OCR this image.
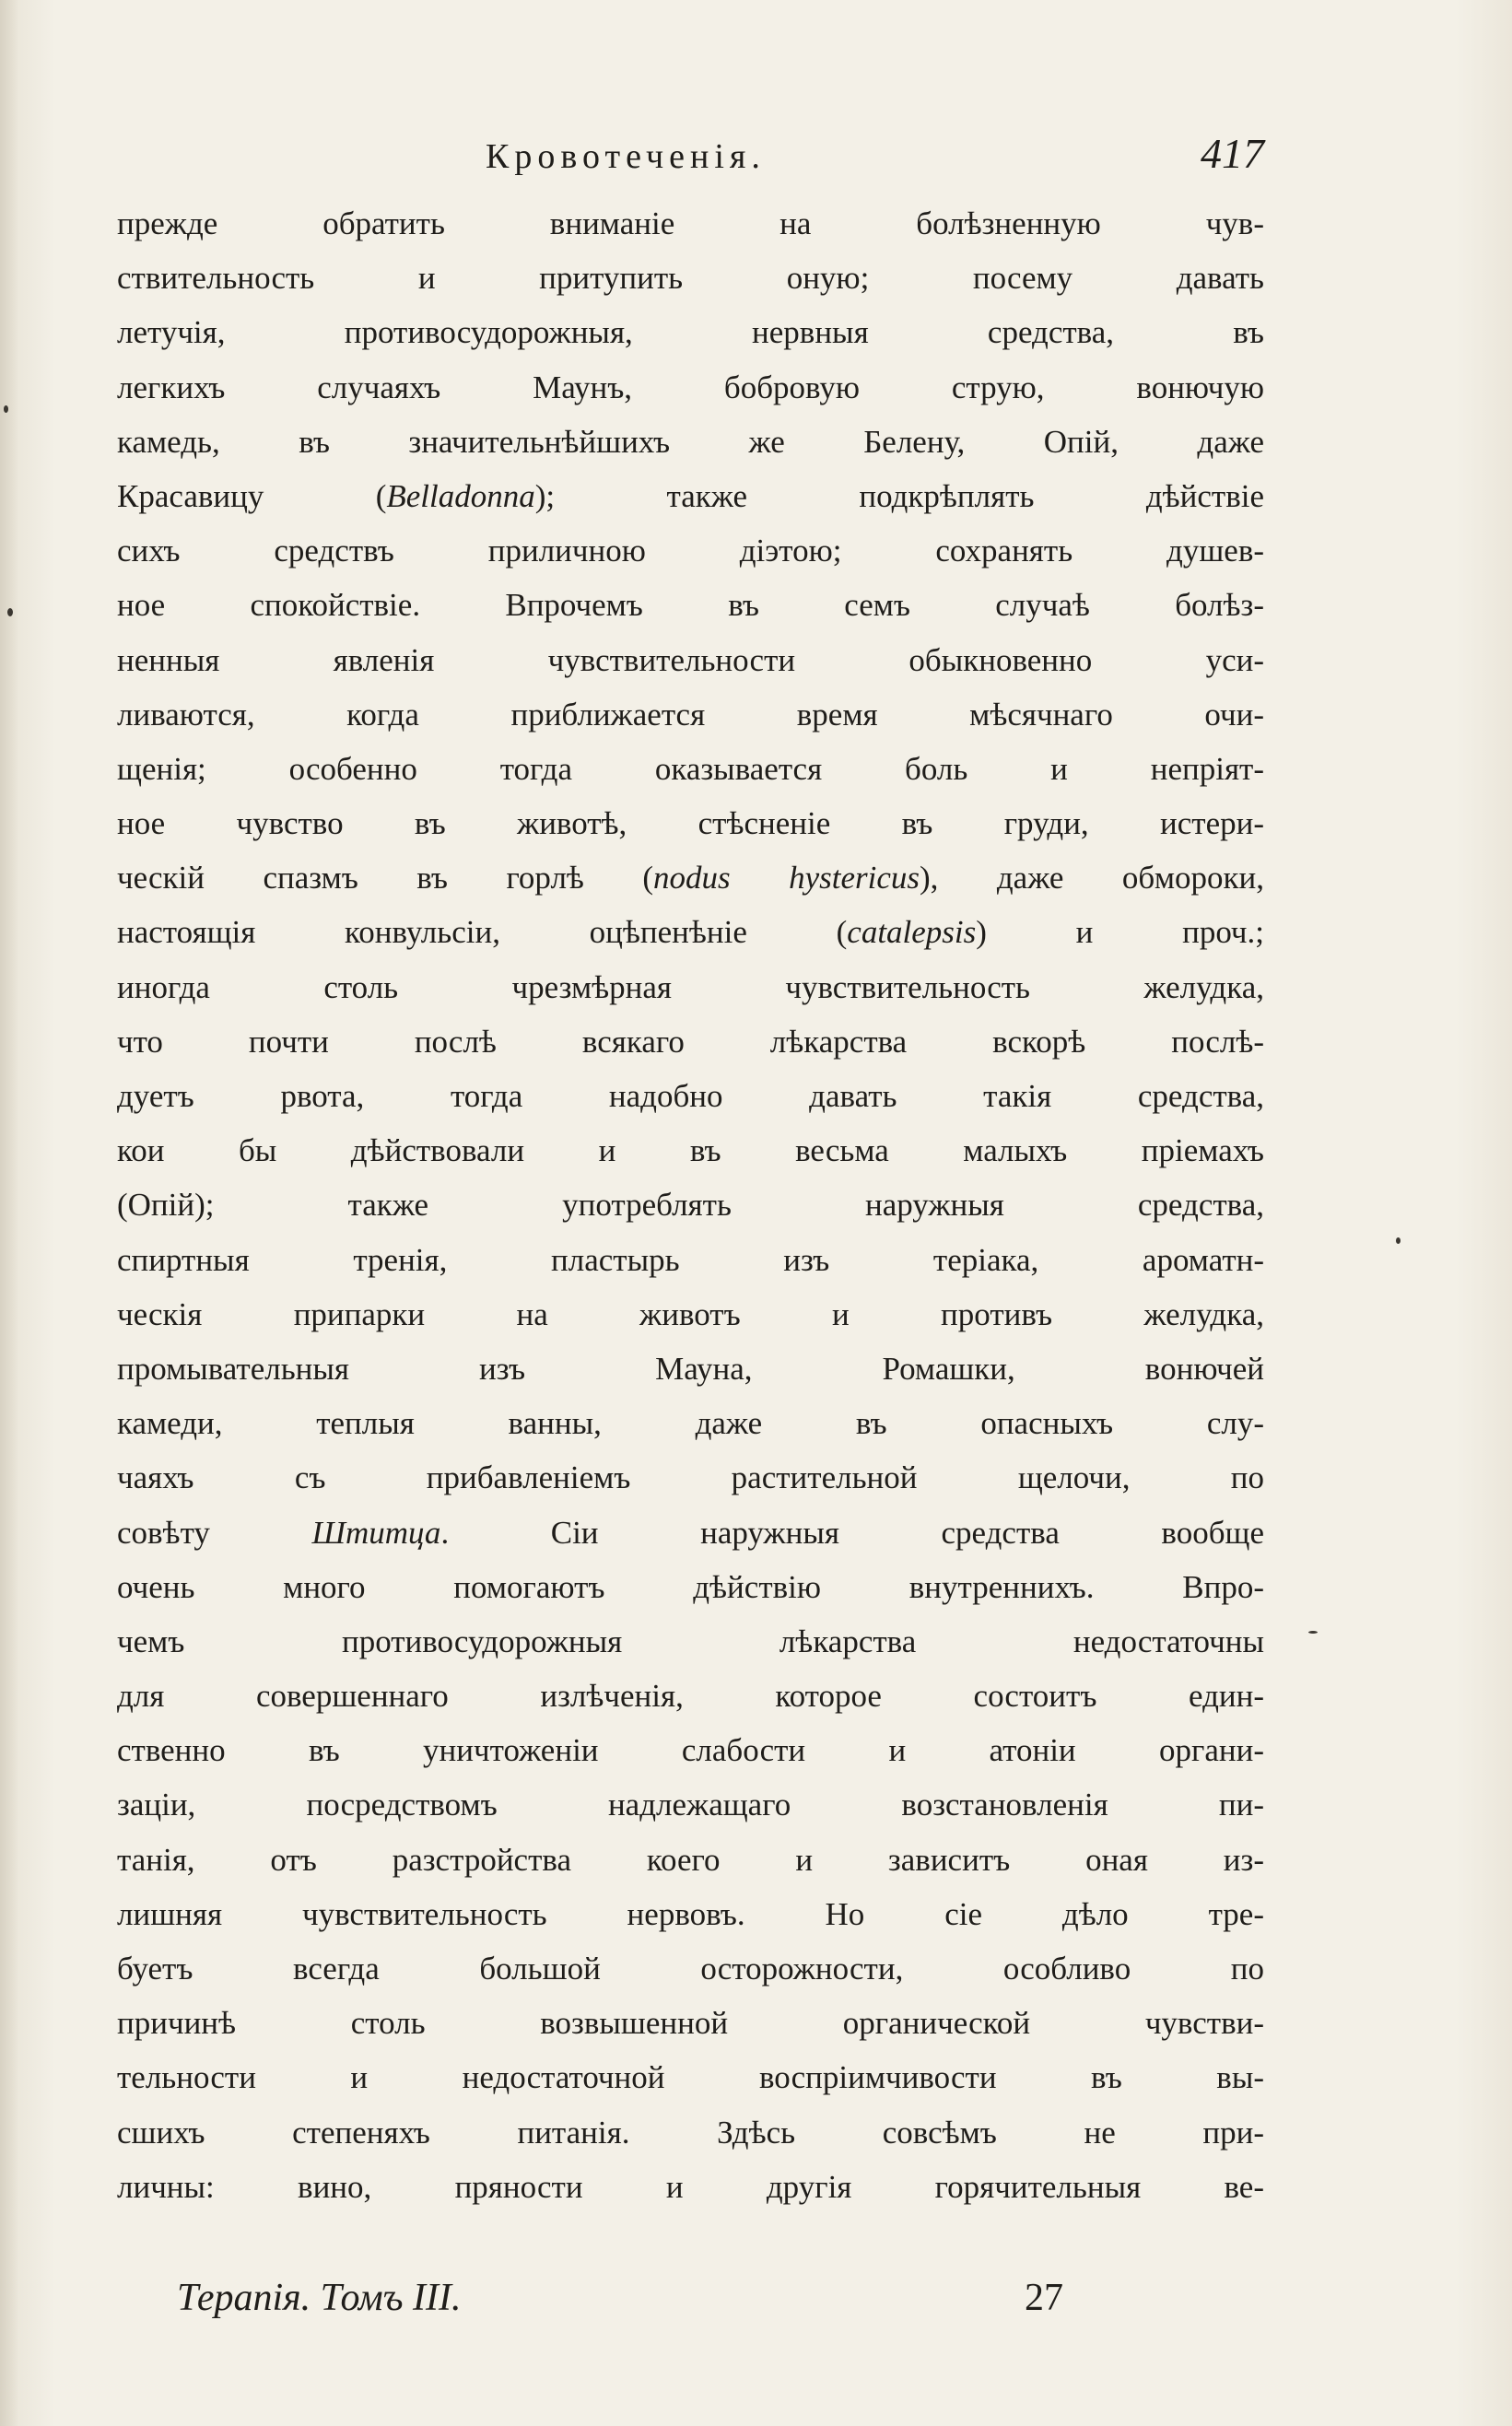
Кровотеченія.	417
прежде обратить вниманіе на болѣзненную чув-
ствительность и притупить оную; посему давать
летучія, противосудорожныя, нервныя средства, въ
легкихъ случаяхъ Маунъ, бобровую струю, вонючую
камедь, въ значительнѣйшихъ же Белену, Опій, даже
Красавицу (Belladonna); также подкрѣплять дѣйствіе
сихъ средствъ приличною діэтою; сохранять душев-
ное спокойствіе. Впрочемъ въ семъ случаѣ болѣз-
ненныя явленія чувствительности обыкновенно уси-
ливаются, когда приближается время мѣсячнаго очи-
щенія; особенно тогда оказывается боль и непріят-
ное чувство въ животѣ, стѣсненіе въ груди, истери-
ческій спазмъ въ горлѣ (nodus hystericus), даже обмороки,
настоящія конвульсіи, оцѣпенѣніе (catalepsis) и проч.;
иногда столь чрезмѣрная чувствительность желудка,
что почти послѣ всякаго лѣкарства вскорѣ послѣ-
дуетъ рвота, тогда надобно давать такія средства,
кои бы дѣйствовали и въ весьма малыхъ пріемахъ
(Опій); также употреблять наружныя средства,
спиртныя тренія, пластырь изъ теріака, ароматн-
ческія припарки на животъ и противъ желудка,
промывательныя изъ Мауна, Ромашки, вонючей
камеди, теплыя ванны, даже въ опасныхъ слу-
чаяхъ съ прибавленіемъ растительной щелочи, по
совѣту Штитца. Сіи наружныя средства вообще
очень много помогаютъ дѣйствію внутреннихъ. Впро-
чемъ противосудорожныя лѣкарства недостаточны
для совершеннаго излѣченія, которое состоитъ един-
ственно въ уничтоженіи слабости и атоніи органи-
заціи, посредствомъ надлежащаго возстановленія пи-
танія, отъ разстройства коего и зависитъ оная из-
лишняя чувствительность нервовъ. Но сіе дѣло тре-
буетъ всегда большой осторожности, особливо по
причинѣ столь возвышенной органической чувстви-
тельности и недостаточной воспріимчивости въ вы-
сшихъ степеняхъ питанія. Здѣсь совсѣмъ не при-
личны: вино, пряности и другія горячительныя ве-
Терапія. Томъ III.	27
